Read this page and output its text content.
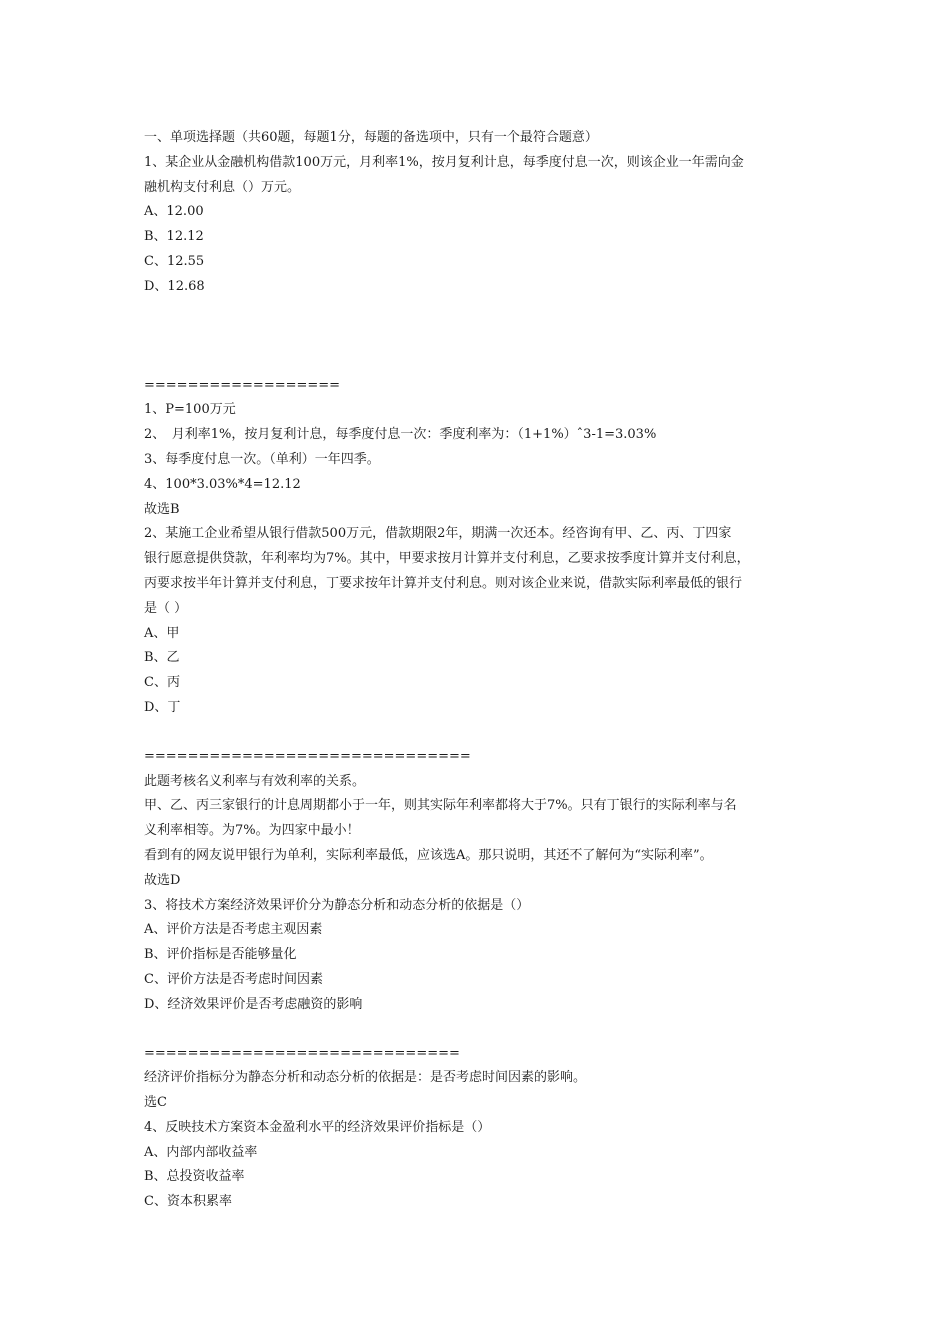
一、单项选择题（共60题，每题1分，每题的备选项中，只有一个最符合题意）
1、某企业从金融机构借款100万元，月利率1%，按月复利计息，每季度付息一次，则该企业一年需向金
融机构支付利息（）万元。
A、12.00
B、12.12
C、12.55
D、12.68
==================
1、P=100万元
2、　月利率1%，按月复利计息，每季度付息一次：季度利率为：（1+1%）ˆ3-1=3.03%
3、每季度付息一次。（单利）一年四季。
4、100*3.03%*4=12.12
故选B
2、某施工企业希望从银行借款500万元，借款期限2年，期满一次还本。经咨询有甲、乙、丙、丁四家
银行愿意提供贷款，年利率均为7%。其中，甲要求按月计算并支付利息，乙要求按季度计算并支付利息，
丙要求按半年计算并支付利息，丁要求按年计算并支付利息。则对该企业来说，借款实际利率最低的银行
是（ ）
A、甲
B、乙
C、丙
D、丁
==============================
此题考核名义利率与有效利率的关系。
甲、乙、丙三家银行的计息周期都小于一年，则其实际年利率都将大于7%。只有丁银行的实际利率与名
义利率相等。为7%。为四家中最小！
看到有的网友说甲银行为单利，实际利率最低，应该选A。那只说明，其还不了解何为“实际利率”。
故选D
3、将技术方案经济效果评价分为静态分析和动态分析的依据是（）
A、评价方法是否考虑主观因素
B、评价指标是否能够量化
C、评价方法是否考虑时间因素
D、经济效果评价是否考虑融资的影响
=============================
经济评价指标分为静态分析和动态分析的依据是：是否考虑时间因素的影响。
选C
4、反映技术方案资本金盈利水平的经济效果评价指标是（）
A、内部内部收益率
B、总投资收益率
C、资本积累率
